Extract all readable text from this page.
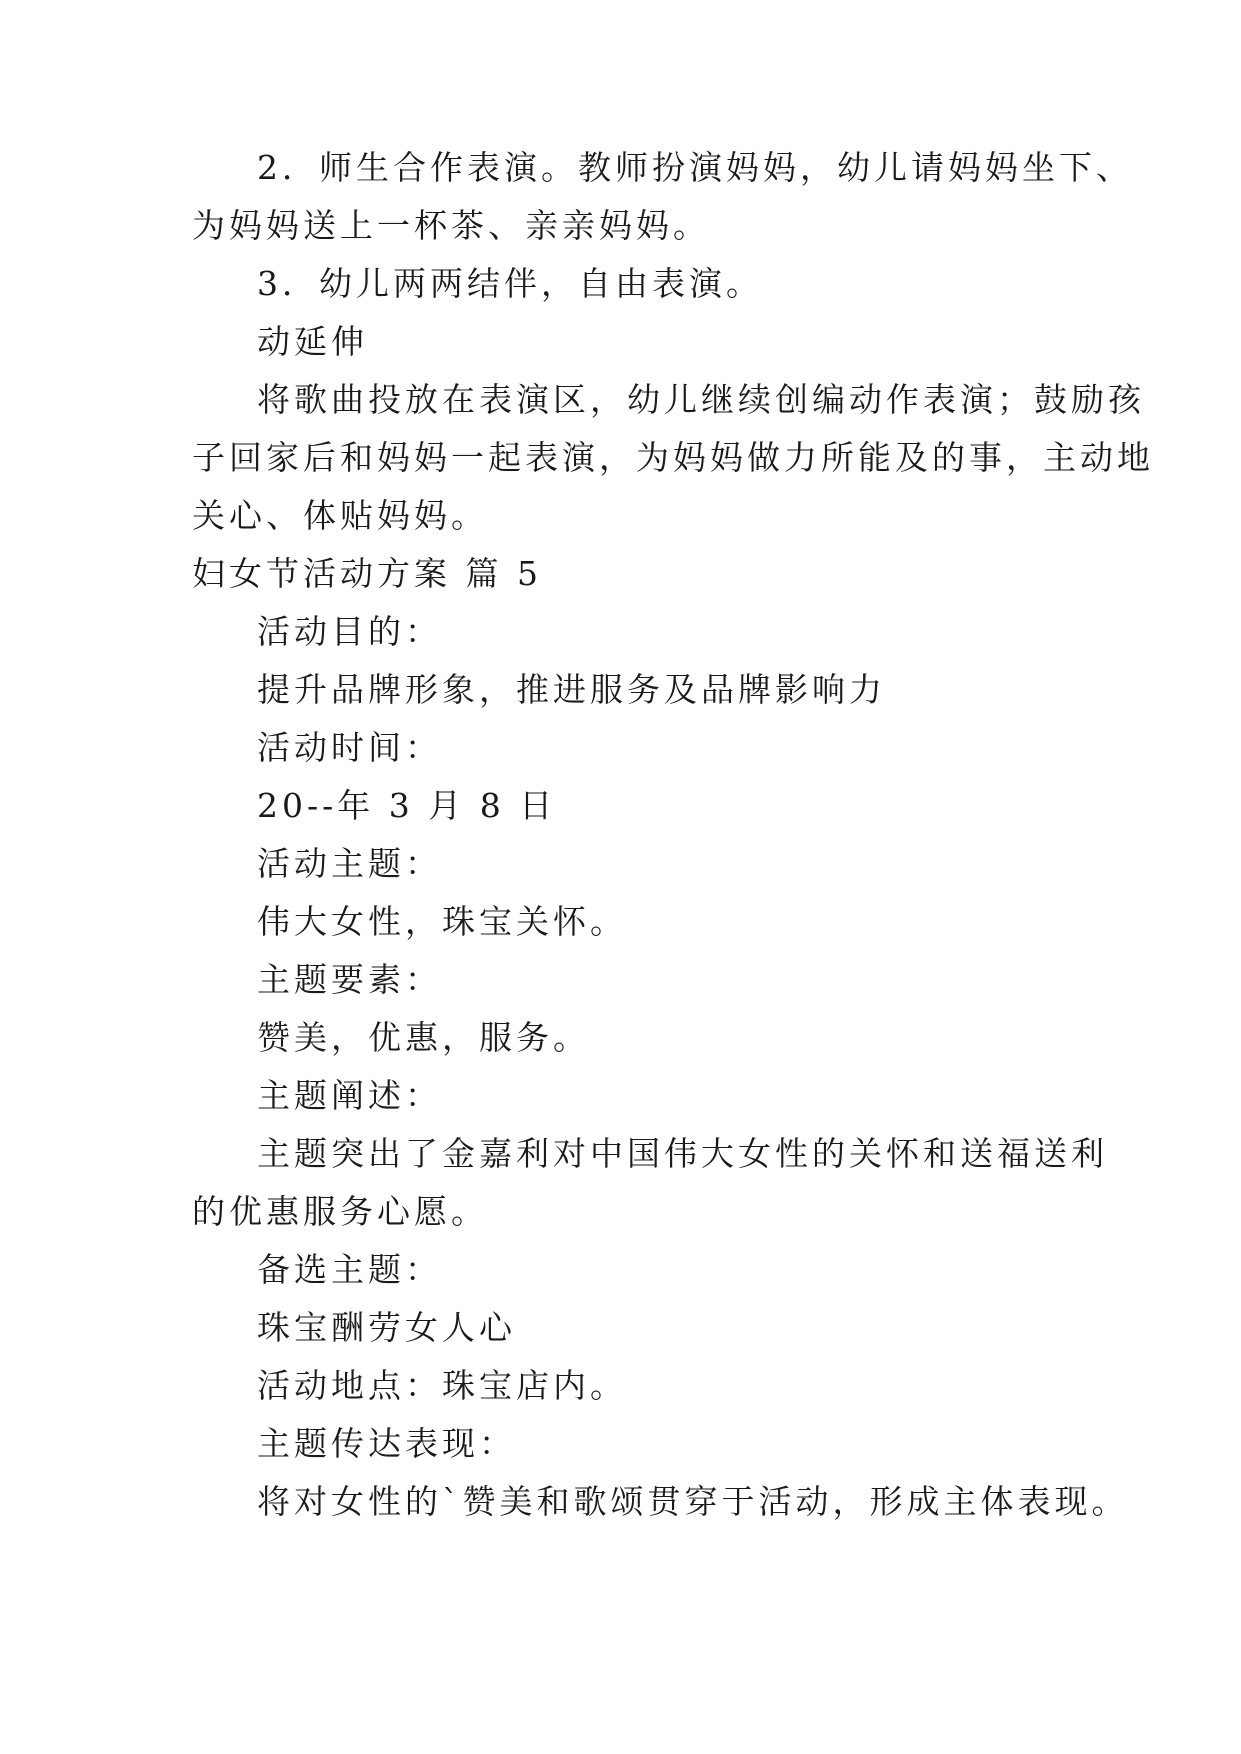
2．师生合作表演。教师扮演妈妈，幼儿请妈妈坐下、
为妈妈送上一杯茶、亲亲妈妈。
3．幼儿两两结伴，自由表演。
动延伸
将歌曲投放在表演区，幼儿继续创编动作表演；鼓励孩
子回家后和妈妈一起表演，为妈妈做力所能及的事，主动地
关心、体贴妈妈。
妇女节活动方案 篇 5
活动目的：
提升品牌形象，推进服务及品牌影响力
活动时间：
20--年 3 月 8 日
活动主题：
伟大女性，珠宝关怀。
主题要素：
赞美，优惠，服务。
主题阐述：
主题突出了金嘉利对中国伟大女性的关怀和送福送利
的优惠服务心愿。
备选主题：
珠宝酬劳女人心
活动地点：珠宝店内。
主题传达表现：
将对女性的`赞美和歌颂贯穿于活动，形成主体表现。
